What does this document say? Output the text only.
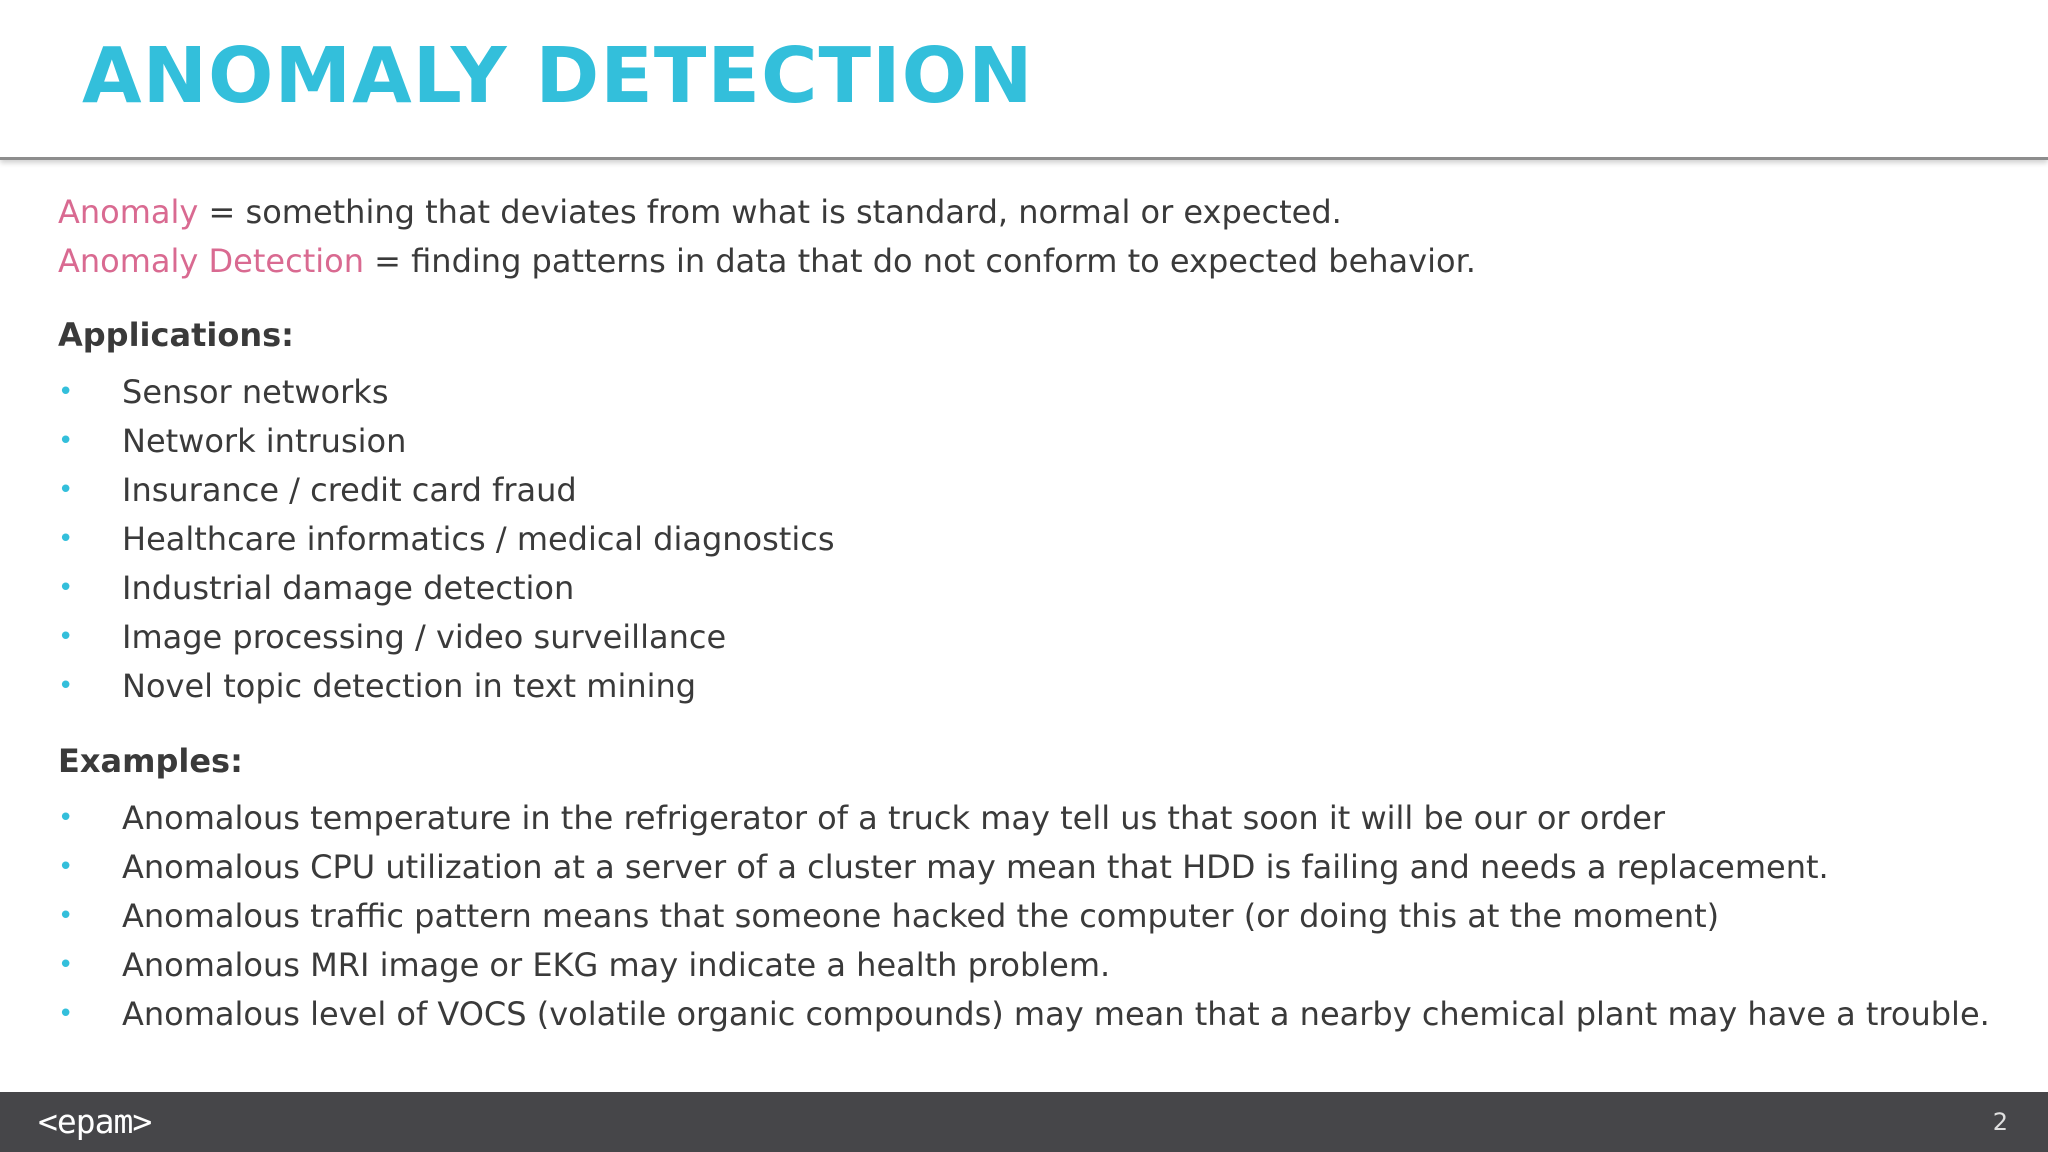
ANOMALY DETECTION
Anomaly = something that deviates from what is standard, normal or expected.
Anomaly Detection = finding patterns in data that do not conform to expected behavior.
Applications:
• Sensor networks
• Network intrusion
• Insurance / credit card fraud
• Healthcare informatics / medical diagnostics
• Industrial damage detection
• Image processing / video surveillance
• Novel topic detection in text mining
Examples:
• Anomalous temperature in the refrigerator of a truck may tell us that soon it will be our or order
• Anomalous CPU utilization at a server of a cluster may mean that HDD is failing and needs a replacement.
• Anomalous traffic pattern means that someone hacked the computer (or doing this at the moment)
• Anomalous MRI image or EKG may indicate a health problem.
• Anomalous level of VOCS (volatile organic compounds) may mean that a nearby chemical plant may have a trouble.
<epam>	2
